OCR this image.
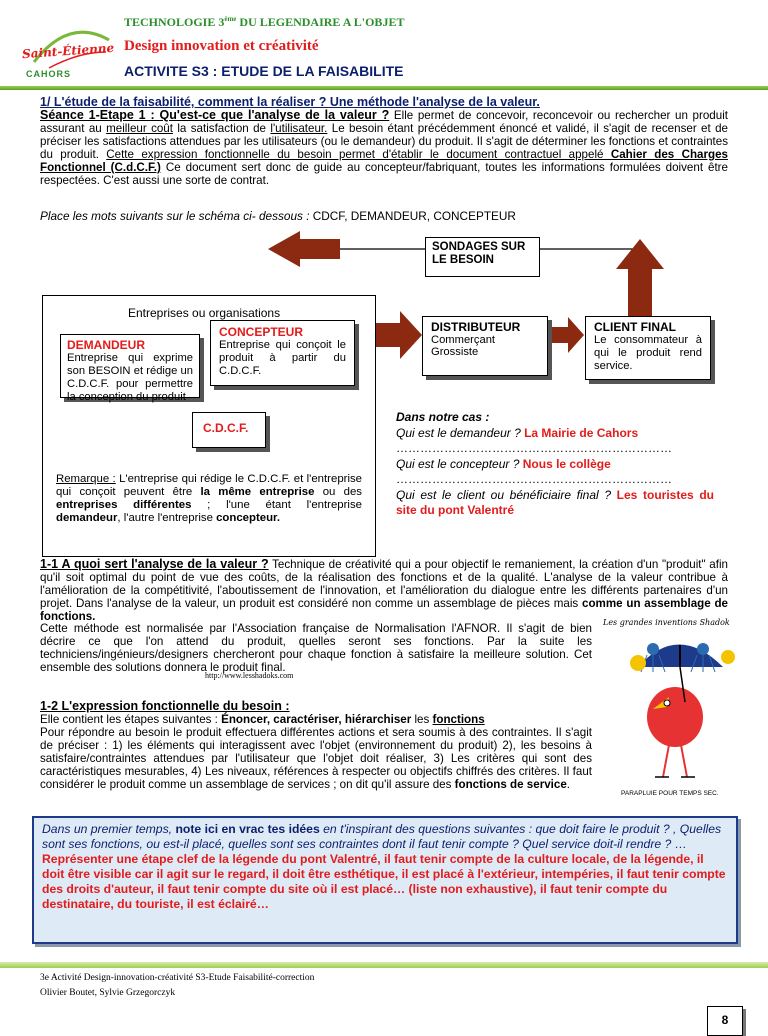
Saint-Étienne
CAHORS
TECHNOLOGIE 3ème DU LEGENDAIRE A L'OBJET
Design innovation et créativité
ACTIVITE S3 : ETUDE DE LA FAISABILITE
1/ L'étude de la faisabilité, comment la réaliser ? Une méthode l'analyse de la valeur.
Séance 1-Etape 1 : Qu'est-ce que l'analyse de la valeur ? Elle permet de concevoir, reconcevoir ou rechercher un produit assurant au meilleur coût la satisfaction de l'utilisateur. Le besoin étant précédemment énoncé et validé, il s'agit de recenser et de préciser les satisfactions attendues par les utilisateurs (ou le demandeur) du produit. Il s'agit de déterminer les fonctions et contraintes du produit. Cette expression fonctionnelle du besoin permet d'établir le document contractuel appelé Cahier des Charges Fonctionnel (C.d.C.F.) Ce document sert donc de guide au concepteur/fabriquant, toutes les informations formulées doivent être respectées. C'est aussi une sorte de contrat.
Place les mots suivants sur le schéma ci- dessous : CDCF, DEMANDEUR, CONCEPTEUR
SONDAGES SUR LE BESOIN
Entreprises ou organisations
DEMANDEUR
Entreprise qui exprime son BESOIN et rédige un C.D.C.F. pour permettre la conception du produit
CONCEPTEUR
Entreprise qui conçoit le produit à partir du C.D.C.F.
C.D.C.F.
DISTRIBUTEUR
Commerçant
Grossiste
CLIENT FINAL
Le consommateur à qui le produit rend service.
Remarque : L'entreprise qui rédige le C.D.C.F. et l'entreprise qui conçoit peuvent être la même entreprise ou des entreprises différentes ; l'une étant l'entreprise demandeur, l'autre l'entreprise concepteur.
Dans notre cas :
Qui est le demandeur ? La Mairie de Cahors
……………………………………………………………
Qui est le concepteur ? Nous le collège
……………………………………………………………
Qui est le client ou bénéficiaire final ? Les touristes du site du pont Valentré
1-1 A quoi sert l'analyse de la valeur ? Technique de créativité qui a pour objectif le remaniement, la création d'un "produit" afin qu'il soit optimal du point de vue des coûts, de la réalisation des fonctions et de la qualité. L'analyse de la valeur contribue à l'amélioration de la compétitivité, l'aboutissement de l'innovation, et l'amélioration du dialogue entre les différents partenaires d'un projet. Dans l'analyse de la valeur, un produit est considéré non comme un assemblage de pièces mais comme un assemblage de fonctions.
Cette méthode est normalisée par l'Association française de Normalisation l'AFNOR. Il s'agit de bien décrire ce que l'on attend du produit, quelles seront ses fonctions. Par la suite les techniciens/ingénieurs/designers chercheront pour chaque fonction à satisfaire la meilleure solution. Cet ensemble des solutions donnera le produit final.
http://www.lesshadoks.com
Les grandes inventions Shadok
PARAPLUIE POUR TEMPS SEC.
1-2 L'expression fonctionnelle du besoin :
Elle contient les étapes suivantes : Énoncer, caractériser, hiérarchiser les fonctions
Pour répondre au besoin le produit effectuera différentes actions et sera soumis à des contraintes. Il s'agit de préciser : 1) les éléments qui interagissent avec l'objet (environnement du produit) 2), les besoins à satisfaire/contraintes attendues par l'utilisateur que l'objet doit réaliser, 3) Les critères qui sont des caractéristiques mesurables, 4) Les niveaux, références à respecter ou objectifs chiffrés des critères. Il faut considérer le produit comme un assemblage de services ; on dit qu'il assure des fonctions de service.
Dans un premier temps, note ici en vrac tes idées en t'inspirant des questions suivantes : que doit faire le produit ? , Quelles sont ses fonctions, ou est-il placé, quelles sont ses contraintes dont il faut tenir compte ? Quel service doit-il rendre ? …
Représenter une étape clef de la légende du pont Valentré, il faut tenir compte de la culture locale, de la légende, il doit être visible car il agit sur le regard, il doit être esthétique, il est placé à l'extérieur, intempéries, il faut tenir compte des droits d'auteur, il faut tenir compte du site où il est placé… (liste non exhaustive), il faut tenir compte du destinataire, du touriste, il est éclairé…
3e Activité Design-innovation-créativité S3-Etude Faisabilité-correction
Olivier Boutet, Sylvie Grzegorczyk
8
